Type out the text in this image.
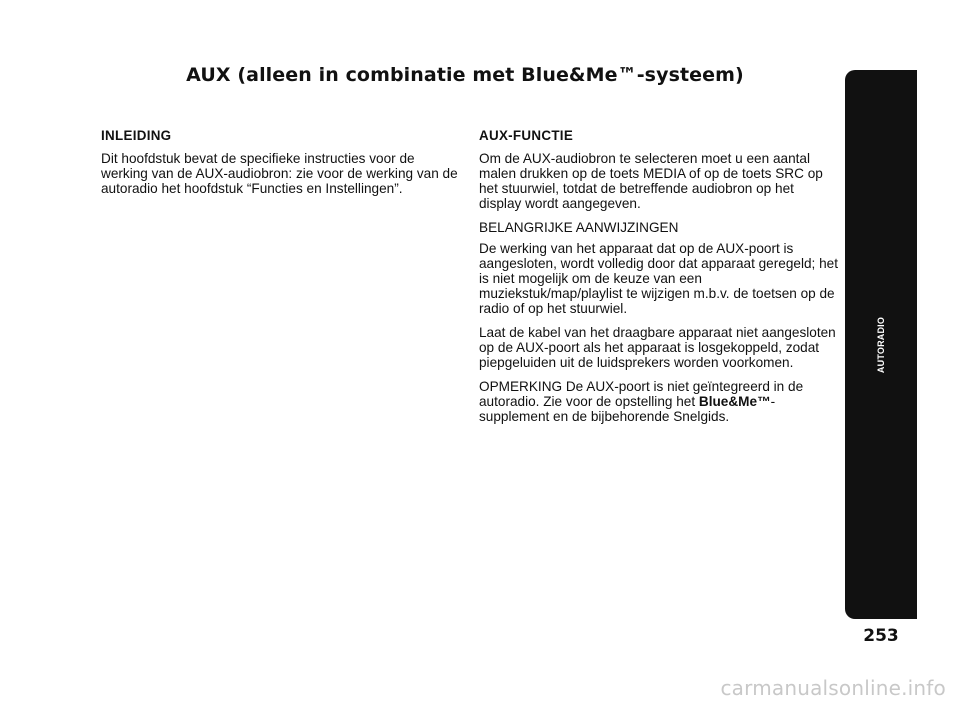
AUX (alleen in combinatie met Blue&Me™-systeem)
INLEIDING
Dit hoofdstuk bevat de specifieke instructies voor de werking van de AUX-audiobron: zie voor de werking van de autoradio het hoofdstuk “Functies en Instellingen”.
AUX-FUNCTIE
Om de AUX-audiobron te selecteren moet u een aantal malen drukken op de toets MEDIA of op de toets SRC op het stuurwiel, totdat de betreffende audiobron op het display wordt aangegeven.
BELANGRIJKE AANWIJZINGEN
De werking van het apparaat dat op de AUX-poort is aangesloten, wordt volledig door dat apparaat geregeld; het is niet mogelijk om de keuze van een muziekstuk/map/playlist te wijzigen m.b.v. de toetsen op de radio of op het stuurwiel.
Laat de kabel van het draagbare apparaat niet aangesloten op de AUX-poort als het apparaat is losgekoppeld, zodat piepgeluiden uit de luidsprekers worden voorkomen.
OPMERKING De AUX-poort is niet geïntegreerd in de autoradio. Zie voor de opstelling het Blue&Me™-supplement en de bijbehorende Snelgids.
AUTORADIO
253
carmanualsonline.info
